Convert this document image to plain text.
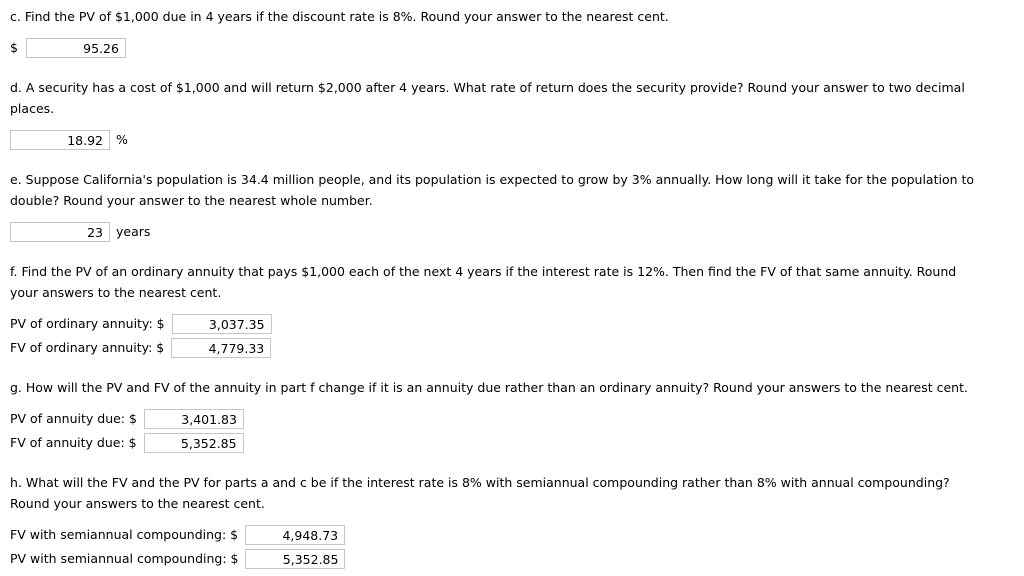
c. Find the PV of $1,000 due in 4 years if the discount rate is 8%. Round your answer to the nearest cent.
$
95.26
d. A security has a cost of $1,000 and will return $2,000 after 4 years. What rate of return does the security provide? Round your answer to two decimal
places.
18.92
%
e. Suppose California's population is 34.4 million people, and its population is expected to grow by 3% annually. How long will it take for the population to
double? Round your answer to the nearest whole number.
23
years
f. Find the PV of an ordinary annuity that pays $1,000 each of the next 4 years if the interest rate is 12%. Then find the FV of that same annuity. Round
your answers to the nearest cent.
PV of ordinary annuity: $
3,037.35
FV of ordinary annuity: $
4,779.33
g. How will the PV and FV of the annuity in part f change if it is an annuity due rather than an ordinary annuity? Round your answers to the nearest cent.
PV of annuity due: $
3,401.83
FV of annuity due: $
5,352.85
h. What will the FV and the PV for parts a and c be if the interest rate is 8% with semiannual compounding rather than 8% with annual compounding?
Round your answers to the nearest cent.
FV with semiannual compounding: $
4,948.73
PV with semiannual compounding: $
5,352.85
